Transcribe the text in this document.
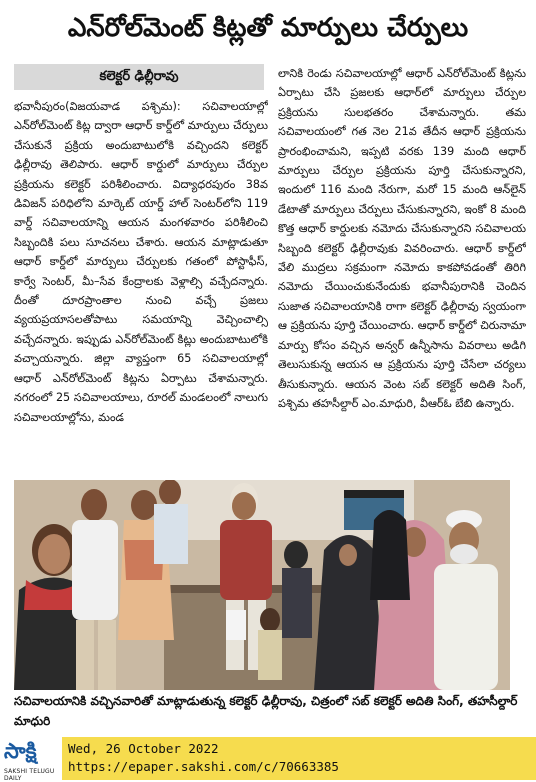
ఎన్‌రోల్‌మెంట్ కిట్లతో మార్పులు చేర్పులు
కలెక్టర్ ఢిల్లీరావు

భవానీపురం(విజయవాడ పశ్చిమ): సచివాలయాల్లో ఎన్‌రోల్‌మెంట్ కిట్ల ద్వారా ఆధార్ కార్డ్‌లో మార్పులు చేర్పులు చేసుకునే ప్రక్రియ అందుబాటులోకి వచ్చిందని కలెక్టర్ ఢిల్లీరావు తెలిపారు. ఆధార్ కార్డులో మార్పులు చేర్పుల ప్రక్రియను కలెక్టర్ పరిశీలించారు. విద్యాధరపురం 38వ డివిజన్ పరిధిలోని మార్కెట్ యార్డ్ హాల్ సెంటర్‌లోని 119 వార్డ్ సచివాలయాన్ని ఆయన మంగళవారం పరిశీలించి సిబ్బందికి పలు సూచనలు చేశారు. ఆయన మాట్లాడుతూ ఆధార్ కార్డ్‌లో మార్పులు చేర్పులకు గతంలో పోస్టాఫీస్, కార్వే సెంటర్, మీ–సేవ కేంద్రాలకు వెళ్లాల్సి వచ్చేదన్నారు. దీంతో దూరప్రాంతాల నుంచి వచ్చే ప్రజలు వ్యయప్రయాసలతోపాటు సమయాన్ని వెచ్చించాల్సి వచ్చేదన్నారు. ఇప్పుడు ఎన్‌రోల్‌మెంట్ కిట్లు అందుబాటులోకి వచ్చాయన్నారు. జిల్లా వ్యాప్తంగా 65 సచివాలయాల్లో ఆధార్ ఎన్‌రోల్‌మెంట్ కిట్లను ఏర్పాటు చేశామన్నారు. నగరంలో 25 సచివాలయాలు, రూరల్ మండలంలో నాలుగు సచివాలయాల్లోను, మండ

లానికి రెండు సచివాలయాల్లో ఆధార్ ఎన్‌రోల్‌మెంట్ కిట్లను ఏర్పాటు చేసి ప్రజలకు ఆధార్‌లో మార్పులు చేర్పుల ప్రక్రియను సులభతరం చేశామన్నారు. తమ సచివాలయంలో గత నెల 21వ తేదీన ఆధార్ ప్రక్రియను ప్రారంభించామని, ఇప్పటి వరకు 139 మంది ఆధార్ మార్పులు చేర్పుల ప్రక్రియను పూర్తి చేసుకున్నారని, ఇందులో 116 మంది నేరుగా, మరో 15 మంది ఆన్‌లైన్ డేటాతో మార్పులు చేర్పులు చేసుకున్నారని, ఇంకో 8 మంది కొత్త ఆధార్ కార్డులకు నమోదు చేసుకున్నారని సచివాలయ సిబ్బంది కలెక్టర్ ఢిల్లీరావుకు వివరించారు. ఆధార్ కార్డ్‌లో వేలి ముద్రలు సక్రమంగా నమోదు కాకపోవడంతో తిరిగి నమోదు చేయించుకునేందుకు భవానీపురానికి చెందిన సుజాత సచివాలయానికి రాగా కలెక్టర్ ఢిల్లీరావు స్వయంగా ఆ ప్రక్రియను పూర్తి చేయించారు. ఆధార్ కార్డ్‌లో చిరునామా మార్పు కోసం వచ్చిన అన్వర్ ఉన్నీసాను వివరాలు అడిగి తెలుసుకున్న ఆయన ఆ ప్రక్రియను పూర్తి చేసేలా చర్యలు తీసుకున్నారు. ఆయన వెంట సబ్ కలెక్టర్ అదితి సింగ్, పశ్చిమ తహసీల్దార్ ఎం.మాధురి, వీఆర్‌ఓ బేబి ఉన్నారు.

సచివాలయానికి వచ్చినవారితో మాట్లాడుతున్న కలెక్టర్ ఢిల్లీరావు, చిత్రంలో సబ్ కలెక్టర్ అదితి సింగ్, తహసీల్దార్ మాధురి
సాక్షి
SAKSHI TELUGU DAILY
Wed, 26 October 2022
https://epaper.sakshi.com/c/70663385
